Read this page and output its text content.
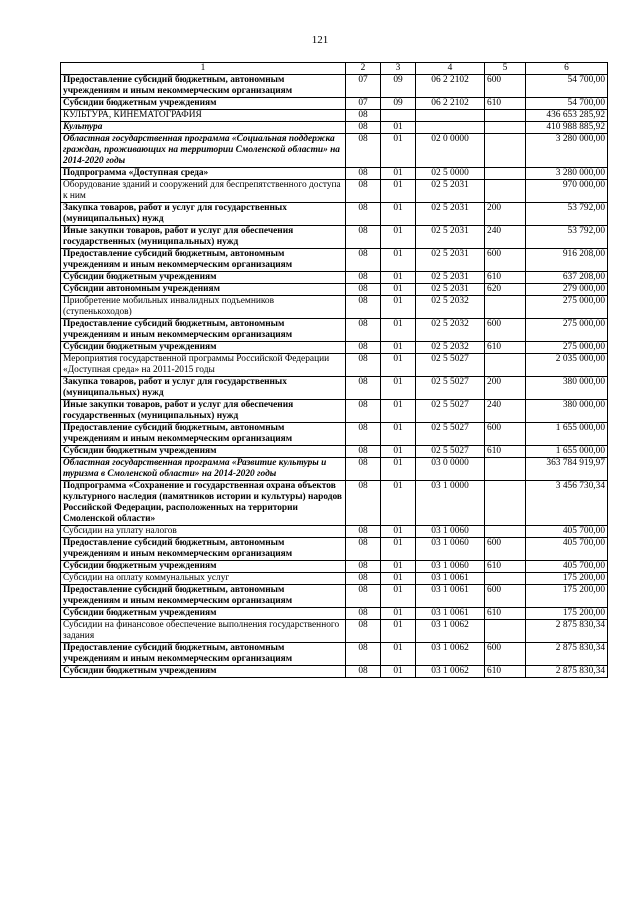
121
1	2	3	4	5	6
Предоставление субсидий бюджетным, автономным учреждениям и иным некоммерческим организациям	07	09	06 2 2102	600	54 700,00
Субсидии бюджетным учреждениям	07	09	06 2 2102	610	54 700,00
КУЛЬТУРА, КИНЕМАТОГРАФИЯ	08				436 653 285,92
Культура	08	01			410 988 885,92
Областная государственная программа «Социальная поддержка граждан, проживающих на территории Смоленской области» на 2014-2020 годы	08	01	02 0 0000		3 280 000,00
Подпрограмма «Доступная среда»	08	01	02 5 0000		3 280 000,00
Оборудование зданий и сооружений для беспрепятственного доступа к ним	08	01	02 5 2031		970 000,00
Закупка товаров, работ и услуг для государственных (муниципальных) нужд	08	01	02 5 2031	200	53 792,00
Иные закупки товаров, работ и услуг для обеспечения государственных (муниципальных) нужд	08	01	02 5 2031	240	53 792,00
Предоставление субсидий бюджетным, автономным учреждениям и иным некоммерческим организациям	08	01	02 5 2031	600	916 208,00
Субсидии бюджетным учреждениям	08	01	02 5 2031	610	637 208,00
Субсидии автономным учреждениям	08	01	02 5 2031	620	279 000,00
Приобретение мобильных инвалидных подъемников (ступенькоходов)	08	01	02 5 2032		275 000,00
Предоставление субсидий бюджетным, автономным учреждениям и иным некоммерческим организациям	08	01	02 5 2032	600	275 000,00
Субсидии бюджетным учреждениям	08	01	02 5 2032	610	275 000,00
Мероприятия государственной программы Российской Федерации «Доступная среда» на 2011-2015 годы	08	01	02 5 5027		2 035 000,00
Закупка товаров, работ и услуг для государственных (муниципальных) нужд	08	01	02 5 5027	200	380 000,00
Иные закупки товаров, работ и услуг для обеспечения государственных (муниципальных) нужд	08	01	02 5 5027	240	380 000,00
Предоставление субсидий бюджетным, автономным учреждениям и иным некоммерческим организациям	08	01	02 5 5027	600	1 655 000,00
Субсидии бюджетным учреждениям	08	01	02 5 5027	610	1 655 000,00
Областная государственная программа «Развитие культуры и туризма в Смоленской области» на 2014-2020 годы	08	01	03 0 0000		363 784 919,97
Подпрограмма «Сохранение и государственная охрана объектов культурного наследия (памятников истории и культуры) народов Российской Федерации, расположенных на территории Смоленской области»	08	01	03 1 0000		3 456 730,34
Субсидии на уплату налогов	08	01	03 1 0060		405 700,00
Предоставление субсидий бюджетным, автономным учреждениям и иным некоммерческим организациям	08	01	03 1 0060	600	405 700,00
Субсидии бюджетным учреждениям	08	01	03 1 0060	610	405 700,00
Субсидии на оплату коммунальных услуг	08	01	03 1 0061		175 200,00
Предоставление субсидий бюджетным, автономным учреждениям и иным некоммерческим организациям	08	01	03 1 0061	600	175 200,00
Субсидии бюджетным учреждениям	08	01	03 1 0061	610	175 200,00
Субсидии на финансовое обеспечение выполнения государственного задания	08	01	03 1 0062		2 875 830,34
Предоставление субсидий бюджетным, автономным учреждениям и иным некоммерческим организациям	08	01	03 1 0062	600	2 875 830,34
Субсидии бюджетным учреждениям	08	01	03 1 0062	610	2 875 830,34
